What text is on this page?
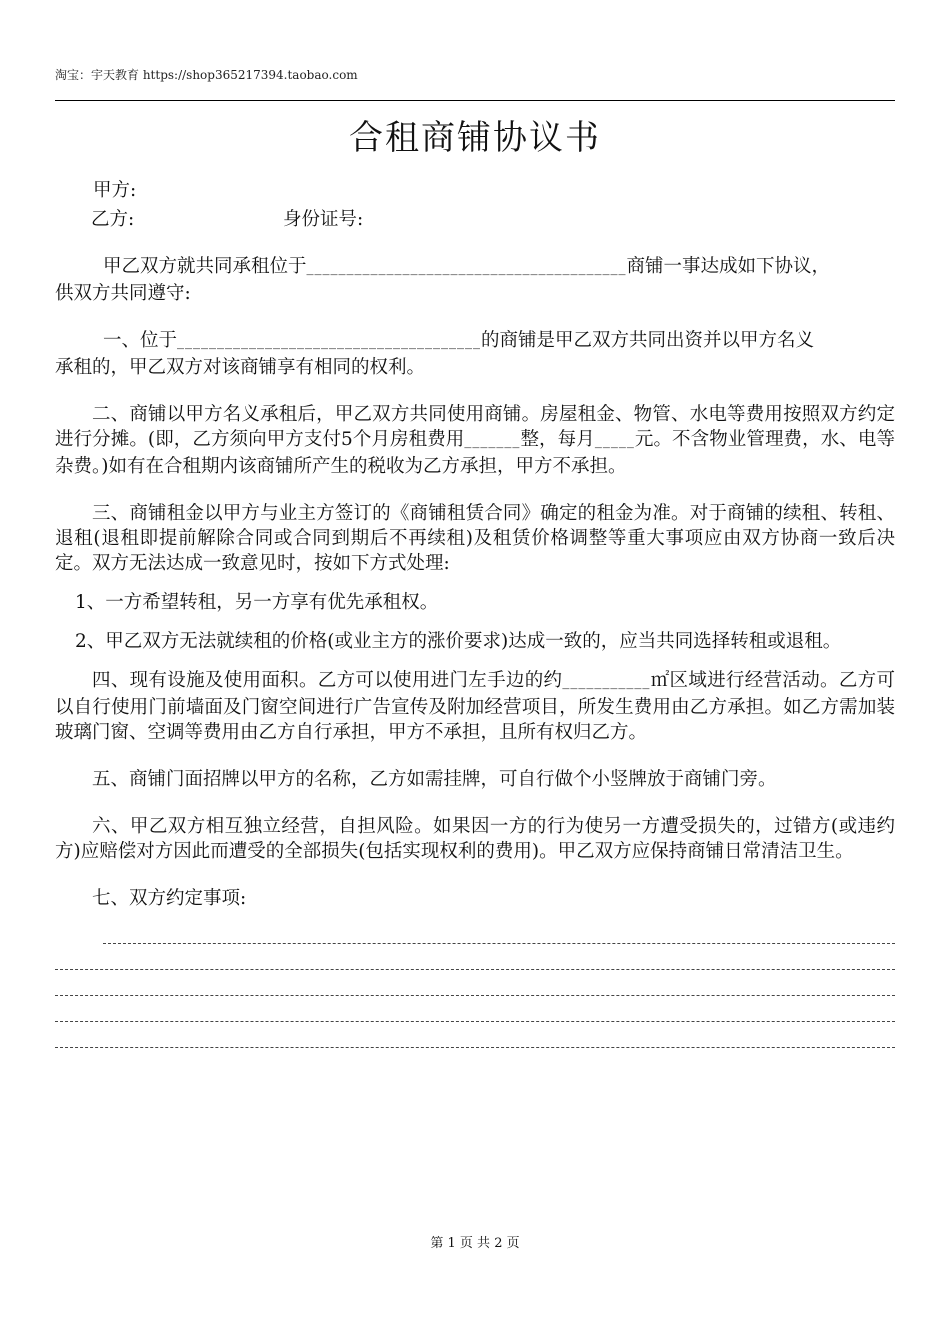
淘宝：宇天教育 https://shop365217394.taobao.com
合租商铺协议书
甲方:
乙方:	身份证号:
甲乙双方就共同承租位于________________________________________商铺一事达成如下协议，
供双方共同遵守:
一、位于______________________________________的商铺是甲乙双方共同出资并以甲方名义
承租的，甲乙双方对该商铺享有相同的权利。

二、商铺以甲方名义承租后，甲乙双方共同使用商铺。房屋租金、物管、水电等费用按照双方约定进行分摊。(即，乙方须向甲方支付5个月房租费用_______整，每月_____元。不含物业管理费，水、电等杂费。)如有在合租期内该商铺所产生的税收为乙方承担，甲方不承担。

三、商铺租金以甲方与业主方签订的《商铺租赁合同》确定的租金为准。对于商铺的续租、转租、退租(退租即提前解除合同或合同到期后不再续租)及租赁价格调整等重大事项应由双方协商一致后决定。双方无法达成一致意见时，按如下方式处理:

1、一方希望转租，另一方享有优先承租权。

2、甲乙双方无法就续租的价格(或业主方的涨价要求)达成一致的，应当共同选择转租或退租。

四、现有设施及使用面积。乙方可以使用进门左手边的约___________㎡区域进行经营活动。乙方可以自行使用门前墙面及门窗空间进行广告宣传及附加经营项目，所发生费用由乙方承担。如乙方需加装玻璃门窗、空调等费用由乙方自行承担，甲方不承担，且所有权归乙方。

五、商铺门面招牌以甲方的名称，乙方如需挂牌，可自行做个小竖牌放于商铺门旁。

六、甲乙双方相互独立经营，自担风险。如果因一方的行为使另一方遭受损失的，过错方(或违约方)应赔偿对方因此而遭受的全部损失(包括实现权利的费用)。甲乙双方应保持商铺日常清洁卫生。

七、双方约定事项:

第 1 页 共 2 页
